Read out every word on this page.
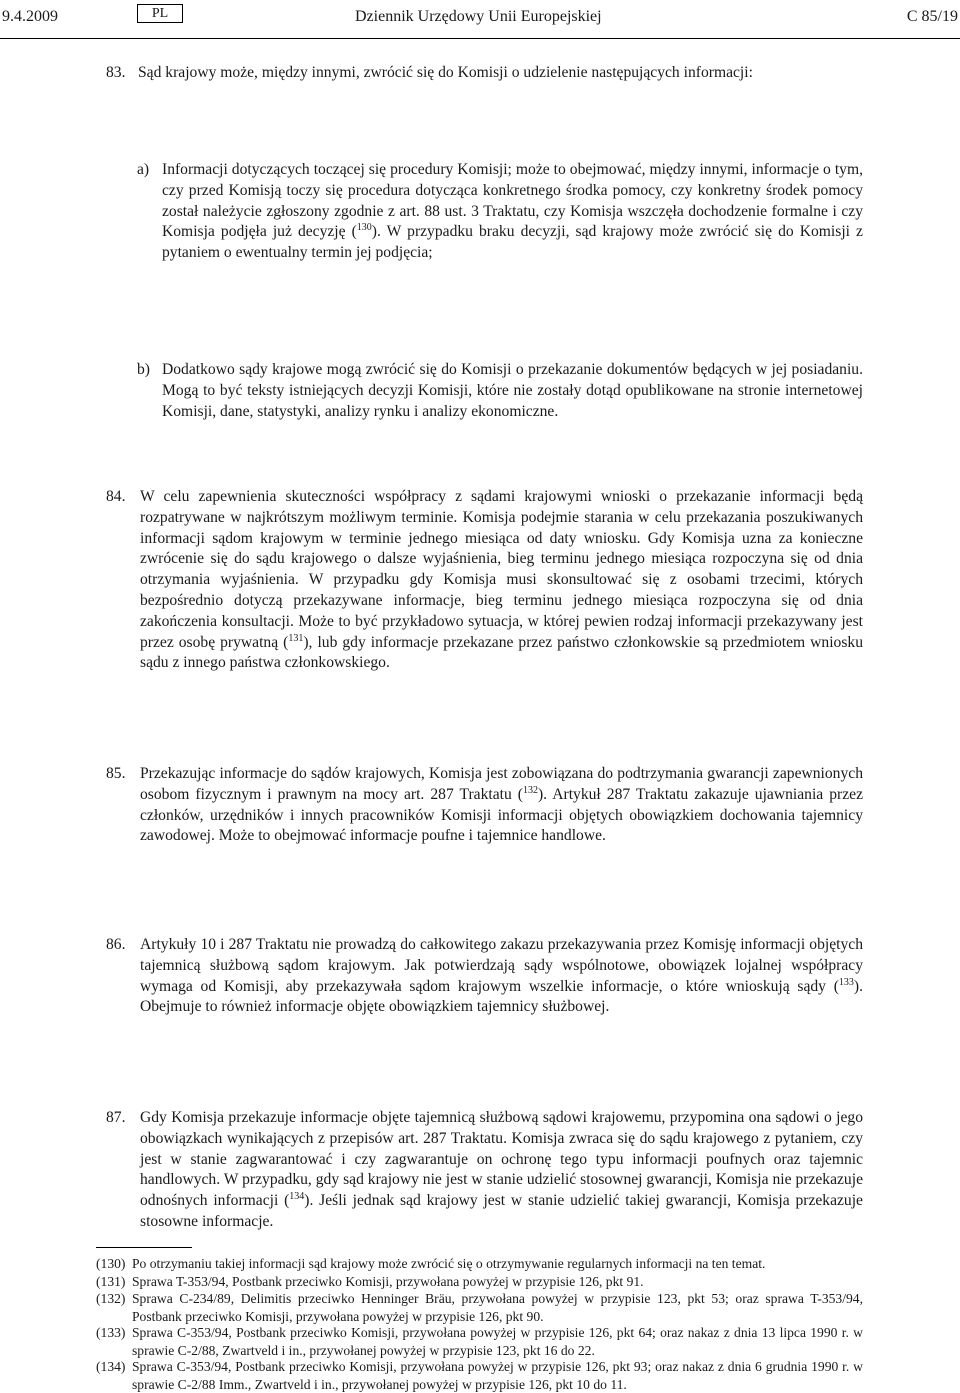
9.4.2009	PL	Dziennik Urzędowy Unii Europejskiej	C 85/19
83. Sąd krajowy może, między innymi, zwrócić się do Komisji o udzielenie następujących informacji:
a) Informacji dotyczących toczącej się procedury Komisji; może to obejmować, między innymi, informacje o tym, czy przed Komisją toczy się procedura dotycząca konkretnego środka pomocy, czy konkretny środek pomocy został należycie zgłoszony zgodnie z art. 88 ust. 3 Traktatu, czy Komisja wszczęła dochodzenie formalne i czy Komisja podjęła już decyzję ($^{130}$). W przypadku braku decyzji, sąd krajowy może zwrócić się do Komisji z pytaniem o ewentualny termin jej podjęcia;
b) Dodatkowo sądy krajowe mogą zwrócić się do Komisji o przekazanie dokumentów będących w jej posiadaniu. Mogą to być teksty istniejących decyzji Komisji, które nie zostały dotąd opublikowane na stronie internetowej Komisji, dane, statystyki, analizy rynku i analizy ekonomiczne.
84. W celu zapewnienia skuteczności współpracy z sądami krajowymi wnioski o przekazanie informacji będą rozpatrywane w najkrótszym możliwym terminie. Komisja podejmie starania w celu przekazania poszukiwanych informacji sądom krajowym w terminie jednego miesiąca od daty wniosku. Gdy Komisja uzna za konieczne zwrócenie się do sądu krajowego o dalsze wyjaśnienia, bieg terminu jednego miesiąca rozpoczyna się od dnia otrzymania wyjaśnienia. W przypadku gdy Komisja musi skonsultować się z osobami trzecimi, których bezpośrednio dotyczą przekazywane informacje, bieg terminu jednego miesiąca rozpoczyna się od dnia zakończenia konsultacji. Może to być przykładowo sytuacja, w której pewien rodzaj informacji przekazywany jest przez osobę prywatną ($^{131}$), lub gdy informacje przekazane przez państwo członkowskie są przedmiotem wniosku sądu z innego państwa członkowskiego.
85. Przekazując informacje do sądów krajowych, Komisja jest zobowiązana do podtrzymania gwarancji zapewnionych osobom fizycznym i prawnym na mocy art. 287 Traktatu ($^{132}$). Artykuł 287 Traktatu zakazuje ujawniania przez członków, urzędników i innych pracowników Komisji informacji objętych obowiązkiem dochowania tajemnicy zawodowej. Może to obejmować informacje poufne i tajemnice handlowe.
86. Artykuły 10 i 287 Traktatu nie prowadzą do całkowitego zakazu przekazywania przez Komisję informacji objętych tajemnicą służbową sądom krajowym. Jak potwierdzają sądy wspólnotowe, obowiązek lojalnej współpracy wymaga od Komisji, aby przekazywała sądom krajowym wszelkie informacje, o które wnioskują sądy ($^{133}$). Obejmuje to również informacje objęte obowiązkiem tajemnicy służbowej.
87. Gdy Komisja przekazuje informacje objęte tajemnicą służbową sądowi krajowemu, przypomina ona sądowi o jego obowiązkach wynikających z przepisów art. 287 Traktatu. Komisja zwraca się do sądu krajowego z pytaniem, czy jest w stanie zagwarantować i czy zagwarantuje on ochronę tego typu informacji poufnych oraz tajemnic handlowych. W przypadku, gdy sąd krajowy nie jest w stanie udzielić stosownej gwarancji, Komisja nie przekazuje odnośnych informacji ($^{134}$). Jeśli jednak sąd krajowy jest w stanie udzielić takiej gwarancji, Komisja przekazuje stosowne informacje.
(130) Po otrzymaniu takiej informacji sąd krajowy może zwrócić się o otrzymywanie regularnych informacji na ten temat.
(131) Sprawa T-353/94, Postbank przeciwko Komisji, przywołana powyżej w przypisie 126, pkt 91.
(132) Sprawa C-234/89, Delimitis przeciwko Henninger Bräu, przywołana powyżej w przypisie 123, pkt 53; oraz sprawa T-353/94, Postbank przeciwko Komisji, przywołana powyżej w przypisie 126, pkt 90.
(133) Sprawa C-353/94, Postbank przeciwko Komisji, przywołana powyżej w przypisie 126, pkt 64; oraz nakaz z dnia 13 lipca 1990 r. w sprawie C-2/88, Zwartveld i in., przywołanej powyżej w przypisie 123, pkt 16 do 22.
(134) Sprawa C-353/94, Postbank przeciwko Komisji, przywołana powyżej w przypisie 126, pkt 93; oraz nakaz z dnia 6 grudnia 1990 r. w sprawie C-2/88 Imm., Zwartveld i in., przywołanej powyżej w przypisie 126, pkt 10 do 11.
